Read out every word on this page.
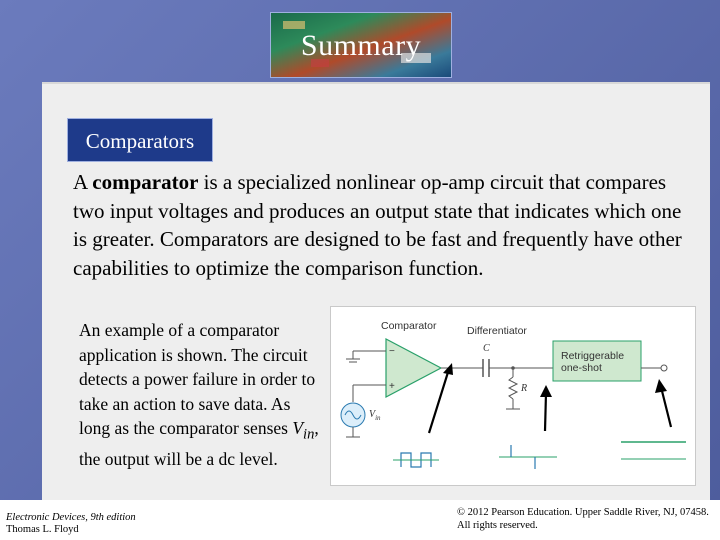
Summary
Comparators
A comparator is a specialized nonlinear op-amp circuit that compares two input voltages and produces an output state that indicates which one is greater. Comparators are designed to be fast and frequently have other capabilities to optimize the comparison function.
An example of a comparator application is shown. The circuit detects a power failure in order to take an action to save data. As long as the comparator senses $V_{in}$, the output will be a dc level.
Comparator	Differentiator
−
+
$V_{in}$
C
R
Retriggerable
one-shot
Electronic Devices, 9th edition
Thomas L. Floyd
© 2012 Pearson Education. Upper Saddle River, NJ, 07458.
All rights reserved.
